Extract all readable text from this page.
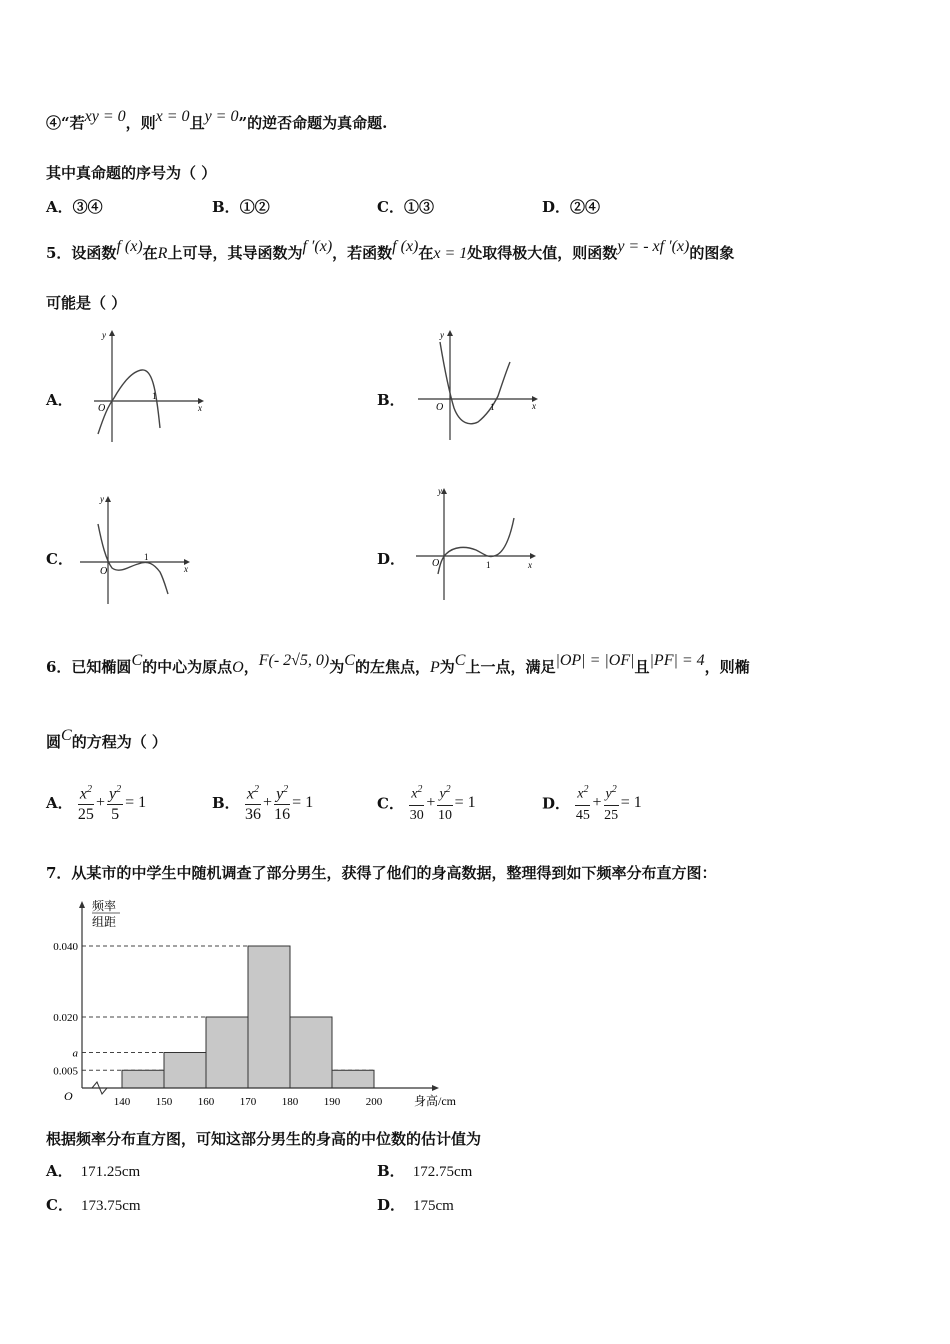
④“若xy = 0，则x = 0且y = 0”的逆否命题为真命题.
其中真命题的序号为（ ）
A．③④	B．①②	C．①③	D．②④
5．设函数f (x)在R上可导，其导函数为f ′(x)，若函数f (x)在x = 1处取得极大值，则函数y = - xf ′(x)的图象
可能是（ ）
A．
y
x
O
1	B．
y
x
O	1
C．
y
x
O
1	D．
y
x
O	1
6．已知椭圆C的中心为原点O，F(- 2√5, 0)为C的左焦点，P为C上一点，满足|OP| = |OF|且|PF| = 4，则椭
圆C的方程为（ ）
A． $\frac{x^2}{25} + \frac{y^2}{5} = 1$	B． $\frac{x^2}{36} + \frac{y^2}{16} = 1$	C． $\frac{x^2}{30} + \frac{y^2}{10} = 1$	D． $\frac{x^2}{45} + \frac{y^2}{25} = 1$
7．从某市的中学生中随机调查了部分男生，获得了他们的身高数据，整理得到如下频率分布直方图：
频率
组距
O	身高/cm
0.040
0.020
a
0.005
140 150 160 170 180 190 200
根据频率分布直方图，可知这部分男生的身高的中位数的估计值为
A． 171.25cm	B． 172.75cm
C． 173.75cm	D． 175cm
